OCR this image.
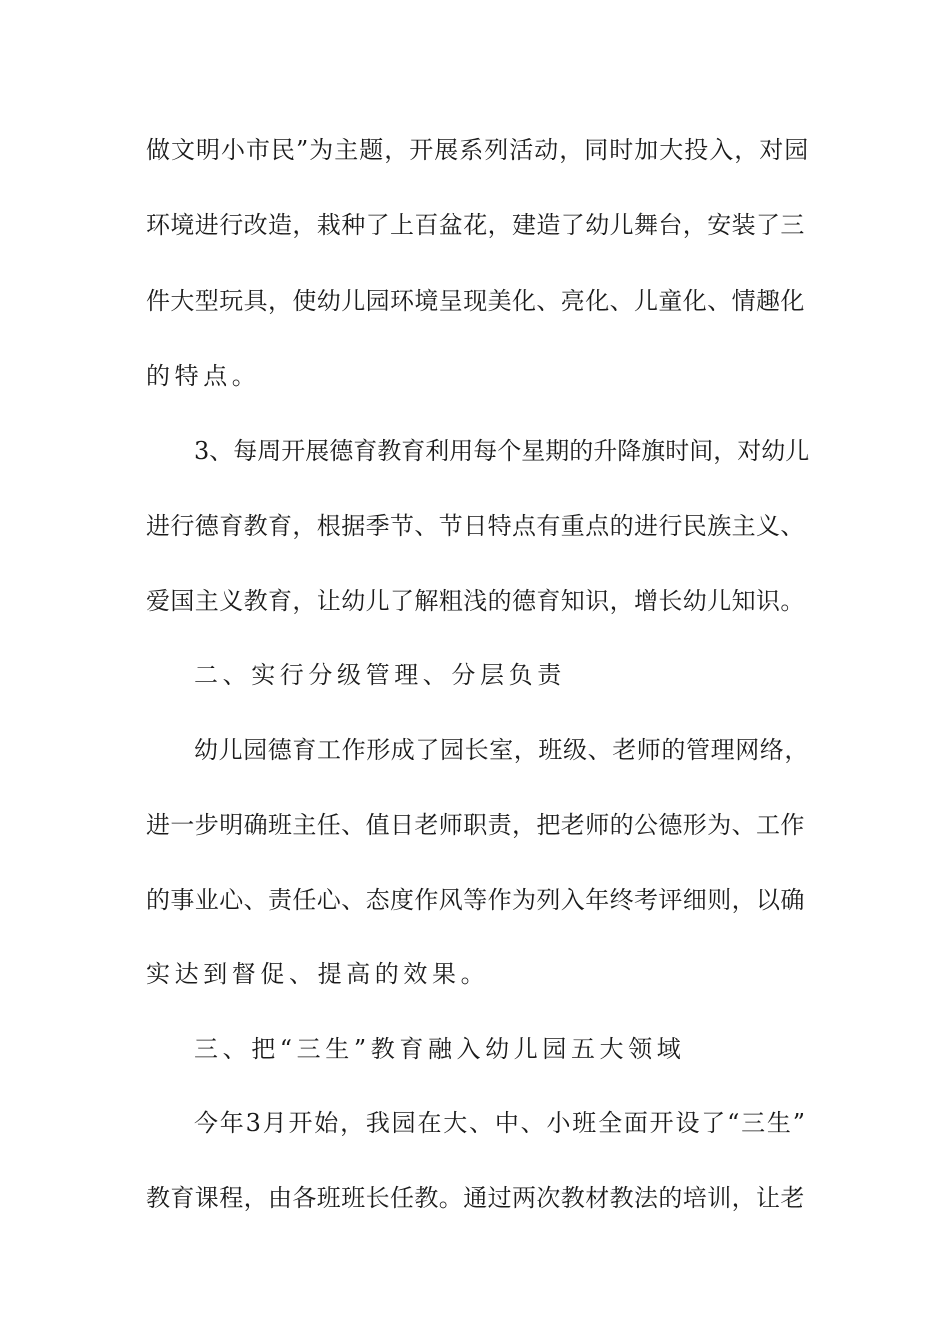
做文明小市民”为主题，开展系列活动，同时加大投入，对园
环境进行改造，栽种了上百盆花，建造了幼儿舞台，安装了三
件大型玩具，使幼儿园环境呈现美化、亮化、儿童化、情趣化
的特点。
3、每周开展德育教育利用每个星期的升降旗时间，对幼儿
进行德育教育，根据季节、节日特点有重点的进行民族主义、
爱国主义教育，让幼儿了解粗浅的德育知识，增长幼儿知识。
二、实行分级管理、分层负责
幼儿园德育工作形成了园长室，班级、老师的管理网络，
进一步明确班主任、值日老师职责，把老师的公德形为、工作
的事业心、责任心、态度作风等作为列入年终考评细则，以确
实达到督促、提高的效果。
三、把“三生”教育融入幼儿园五大领域
今年3月开始，我园在大、中、小班全面开设了“三生”
教育课程，由各班班长任教。通过两次教材教法的培训，让老
